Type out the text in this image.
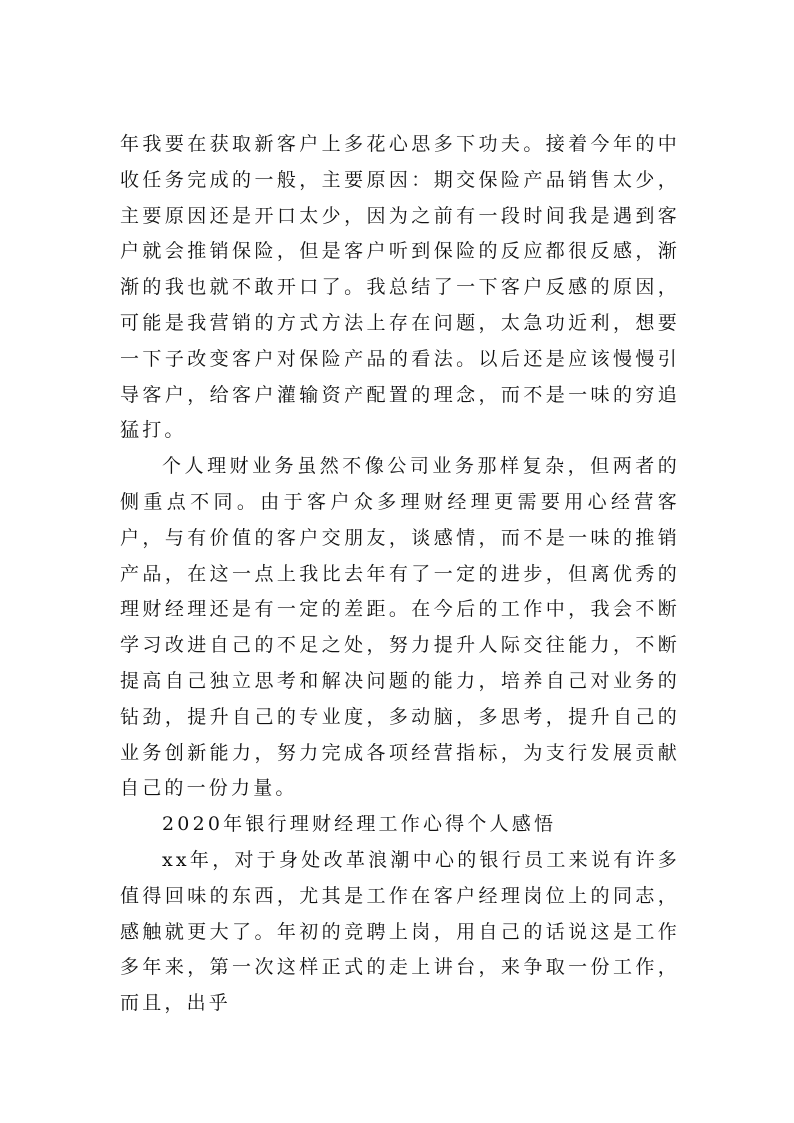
年我要在获取新客户上多花心思多下功夫。接着今年的中收任务完成的一般，主要原因：期交保险产品销售太少，主要原因还是开口太少，因为之前有一段时间我是遇到客户就会推销保险，但是客户听到保险的反应都很反感，渐渐的我也就不敢开口了。我总结了一下客户反感的原因，可能是我营销的方式方法上存在问题，太急功近利，想要一下子改变客户对保险产品的看法。以后还是应该慢慢引导客户，给客户灌输资产配置的理念，而不是一味的穷追猛打。

个人理财业务虽然不像公司业务那样复杂，但两者的侧重点不同。由于客户众多理财经理更需要用心经营客户，与有价值的客户交朋友，谈感情，而不是一味的推销产品，在这一点上我比去年有了一定的进步，但离优秀的理财经理还是有一定的差距。在今后的工作中，我会不断学习改进自己的不足之处，努力提升人际交往能力，不断提高自己独立思考和解决问题的能力，培养自己对业务的钻劲，提升自己的专业度，多动脑，多思考，提升自己的业务创新能力，努力完成各项经营指标，为支行发展贡献自己的一份力量。

2020年银行理财经理工作心得个人感悟

xx年，对于身处改革浪潮中心的银行员工来说有许多值得回味的东西，尤其是工作在客户经理岗位上的同志，感触就更大了。年初的竞聘上岗，用自己的话说这是工作多年来，第一次这样正式的走上讲台，来争取一份工作，而且，出乎
